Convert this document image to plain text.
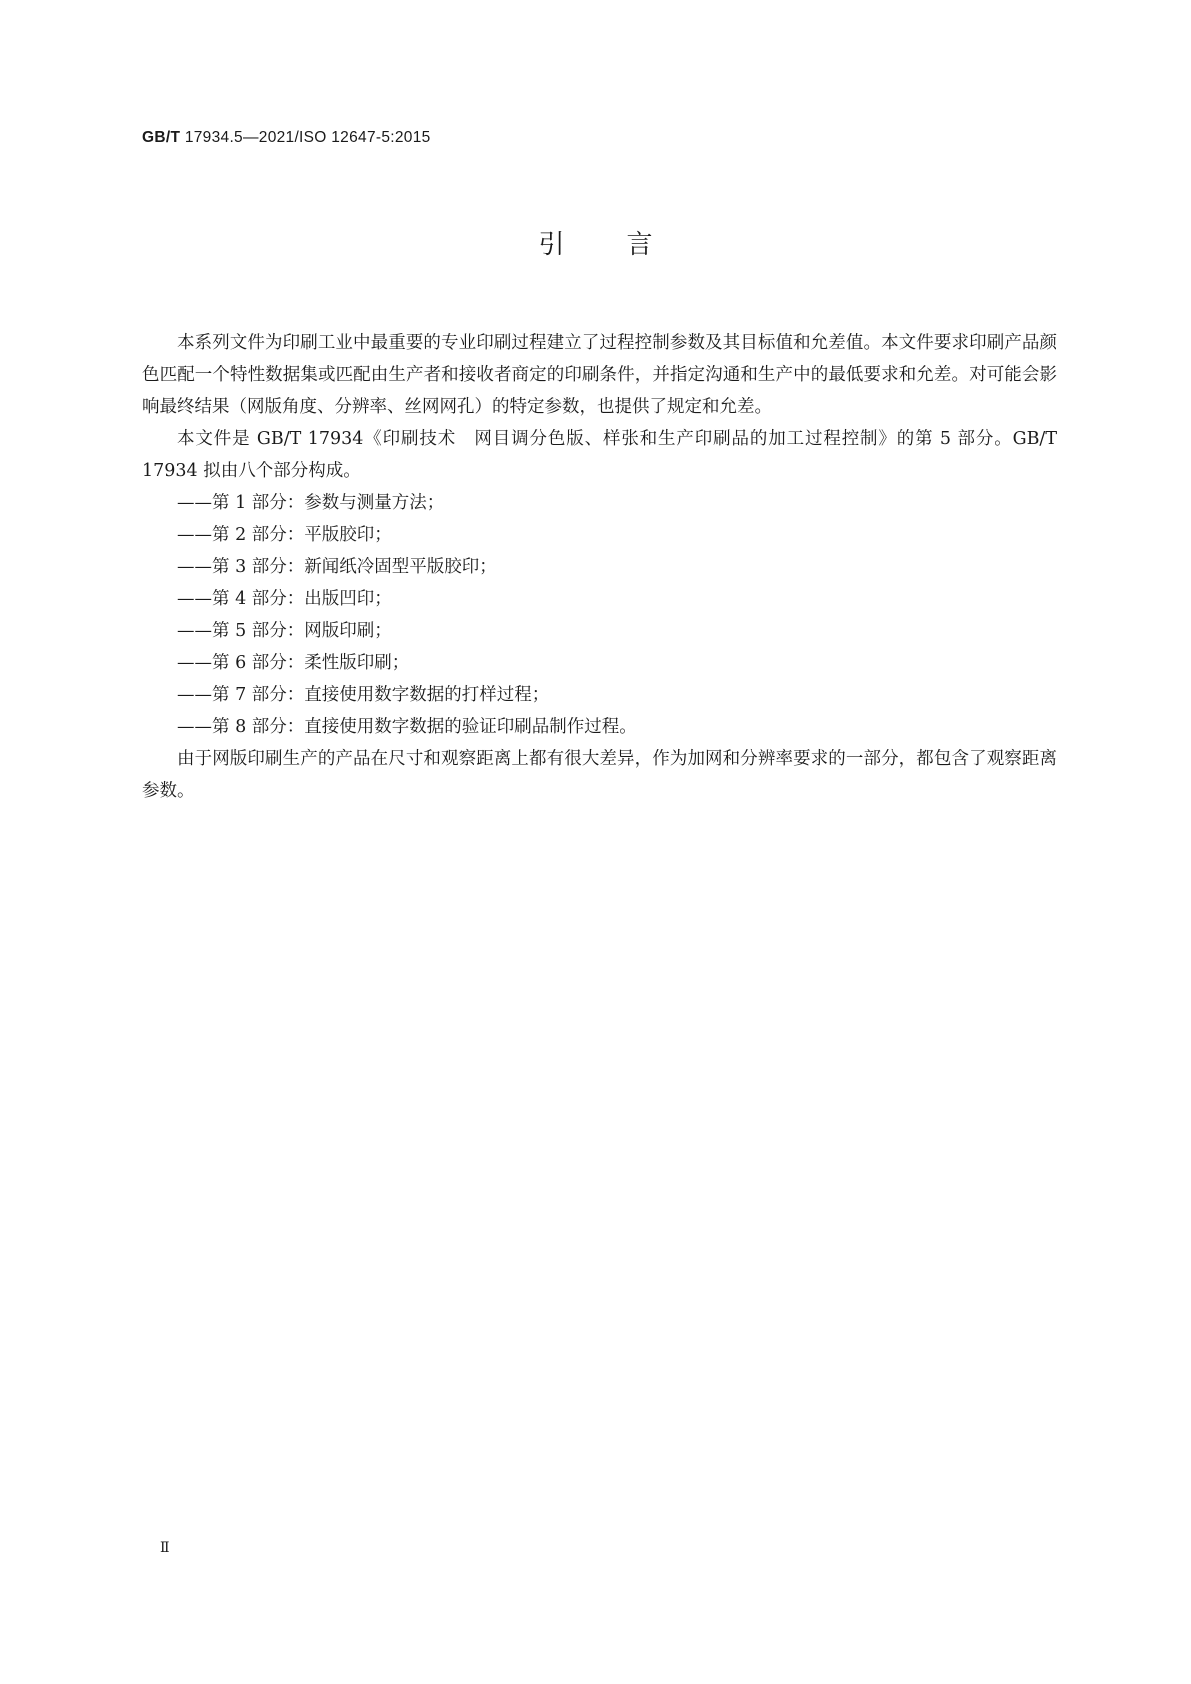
GB/T 17934.5—2021/ISO 12647-5:2015
引言

本系列文件为印刷工业中最重要的专业印刷过程建立了过程控制参数及其目标值和允差值。本文件要求印刷产品颜色匹配一个特性数据集或匹配由生产者和接收者商定的印刷条件，并指定沟通和生产中的最低要求和允差。对可能会影响最终结果（网版角度、分辨率、丝网网孔）的特定参数，也提供了规定和允差。

本文件是 GB/T 17934《印刷技术　网目调分色版、样张和生产印刷品的加工过程控制》的第 5 部分。GB/T 17934 拟由八个部分构成。

——第 1 部分：参数与测量方法；
——第 2 部分：平版胶印；
——第 3 部分：新闻纸冷固型平版胶印；
——第 4 部分：出版凹印；
——第 5 部分：网版印刷；
——第 6 部分：柔性版印刷；
——第 7 部分：直接使用数字数据的打样过程；
——第 8 部分：直接使用数字数据的验证印刷品制作过程。

由于网版印刷生产的产品在尺寸和观察距离上都有很大差异，作为加网和分辨率要求的一部分，都包含了观察距离参数。

Ⅱ
